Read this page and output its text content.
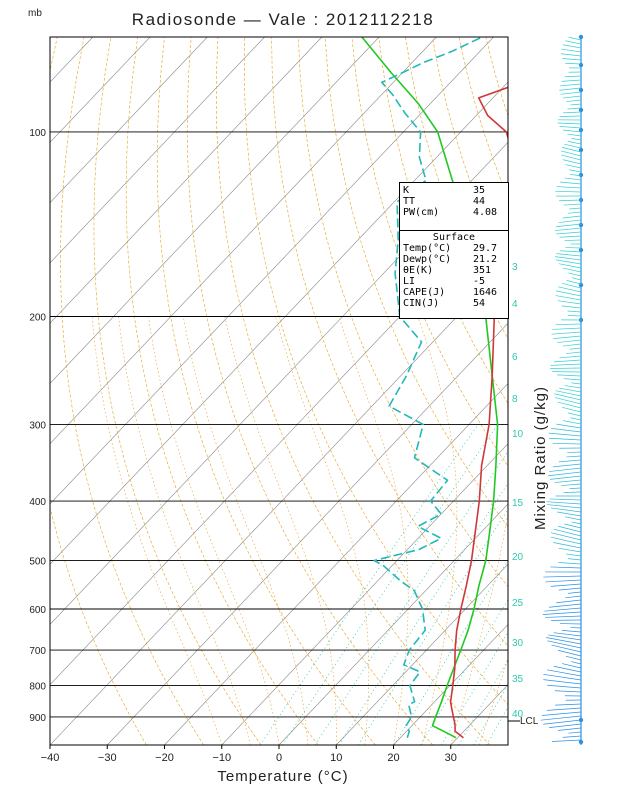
Radiosonde — Vale : 2012112218
mb
3
4
6
8
10
15
20
25
30
35
40
100
200
300
400
500
600
700
800
900
−40	−30	−20	−10	0	10	20	30
LCL
Temperature (°C)
Mixing Ratio (g/kg)
K	35
TT	44
PW(cm)	4.08
Surface
Temp(°C)	29.7
Dewp(°C)	21.2
θE(K)	351
LI	-5
CAPE(J)	1646
CIN(J)	54
